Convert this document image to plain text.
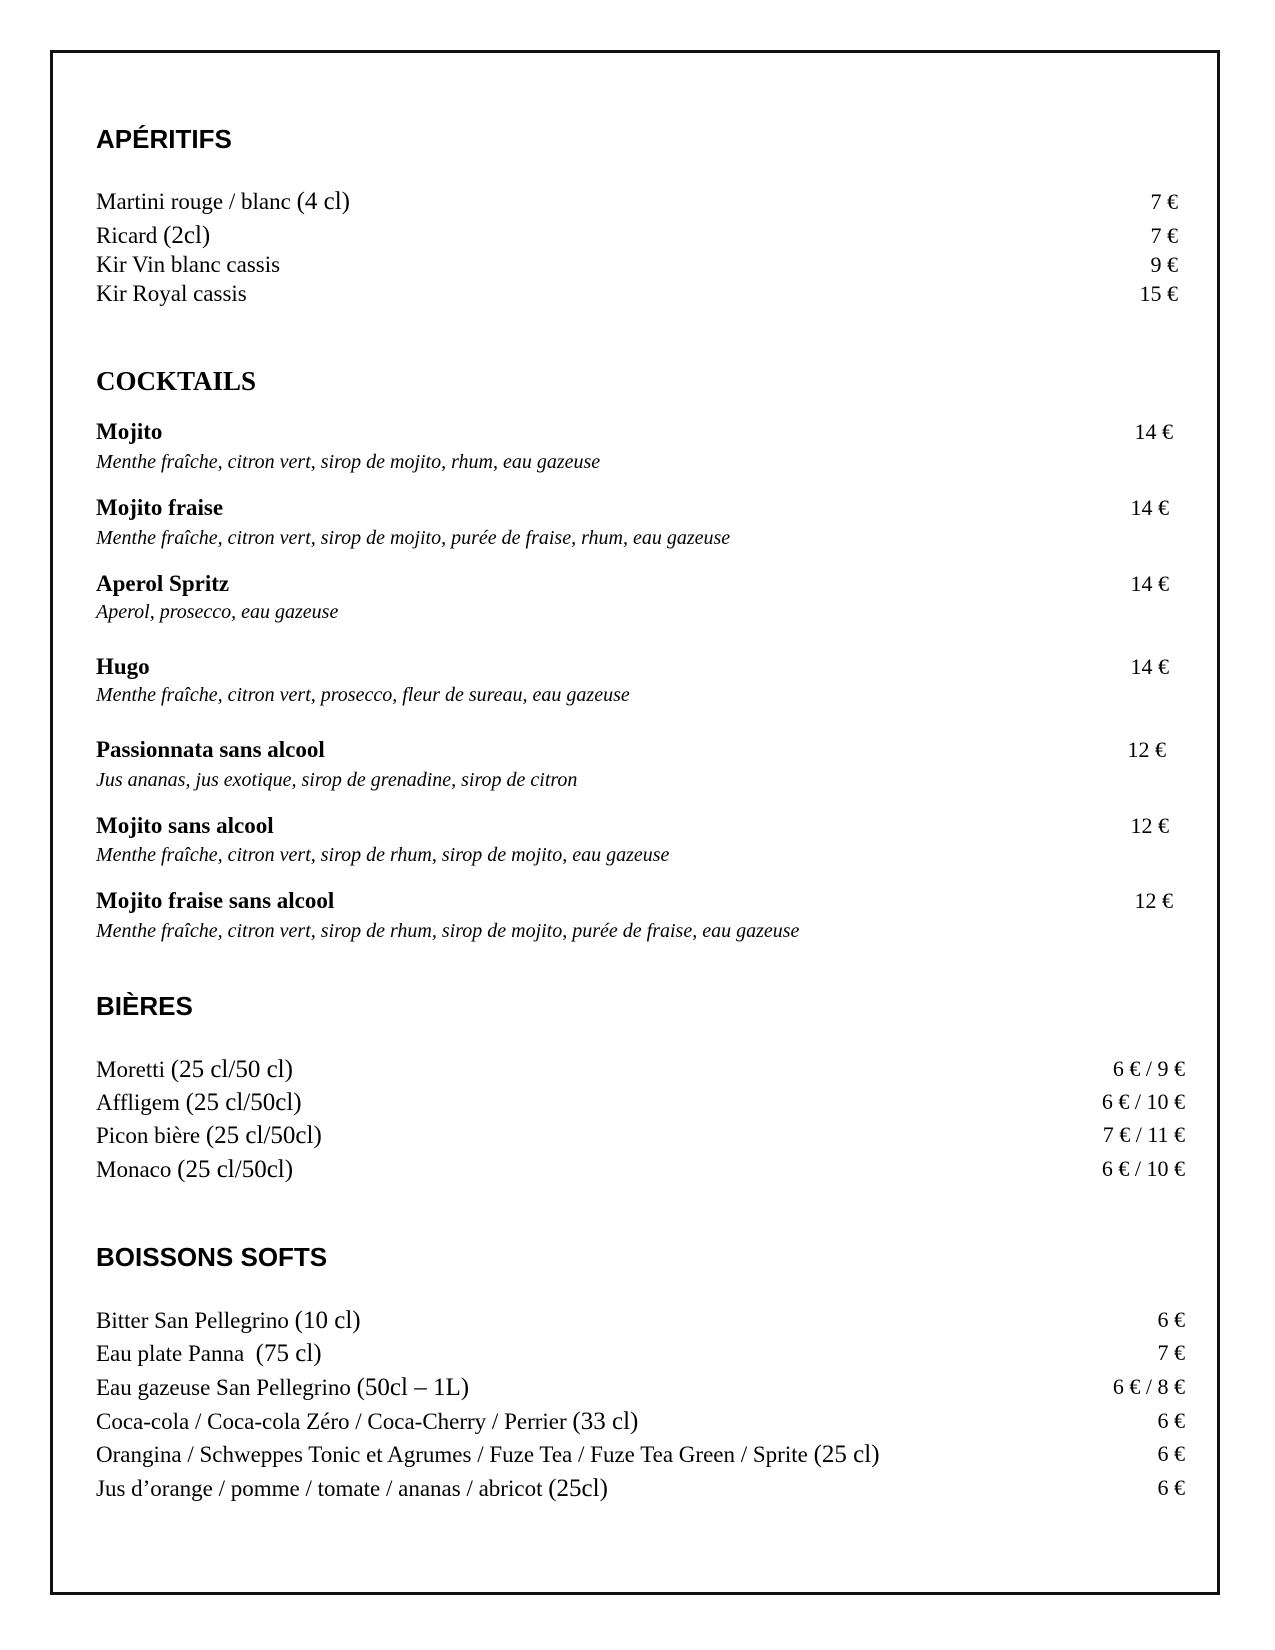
APÉRITIFS
Martini rouge / blanc (4 cl)	7 €
Ricard (2cl)	7 €
Kir Vin blanc cassis	9 €
Kir Royal cassis	15 €
COCKTAILS
Mojito	14 €
Menthe fraîche, citron vert, sirop de mojito, rhum, eau gazeuse
Mojito fraise	14 €
Menthe fraîche, citron vert, sirop de mojito, purée de fraise, rhum, eau gazeuse
Aperol Spritz	14 €
Aperol, prosecco, eau gazeuse
Hugo	14 €
Menthe fraîche, citron vert, prosecco, fleur de sureau, eau gazeuse
Passionnata sans alcool	12 €
Jus ananas, jus exotique, sirop de grenadine, sirop de citron
Mojito sans alcool	12 €
Menthe fraîche, citron vert, sirop de rhum, sirop de mojito, eau gazeuse
Mojito fraise sans alcool	12 €
Menthe fraîche, citron vert, sirop de rhum, sirop de mojito, purée de fraise, eau gazeuse
BIÈRES
Moretti (25 cl/50 cl)	6 € / 9 €
Affligem (25 cl/50cl)	6 € / 10 €
Picon bière (25 cl/50cl)	7 € / 11 €
Monaco (25 cl/50cl)	6 € / 10 €
BOISSONS SOFTS
Bitter San Pellegrino (10 cl)	6 €
Eau plate Panna  (75 cl)	7 €
Eau gazeuse San Pellegrino (50cl – 1L)	6 € / 8 €
Coca-cola / Coca-cola Zéro / Coca-Cherry / Perrier (33 cl)	6 €
Orangina / Schweppes Tonic et Agrumes / Fuze Tea / Fuze Tea Green / Sprite (25 cl)	6 €
Jus d’orange / pomme / tomate / ananas / abricot (25cl)	6 €
